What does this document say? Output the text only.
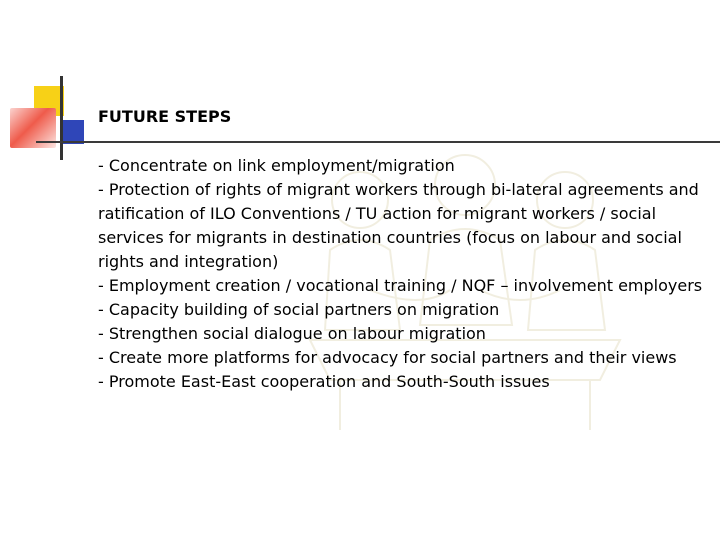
FUTURE STEPS
- Concentrate on link employment/migration
- Protection of rights of migrant workers through bi-lateral agreements and ratification of ILO Conventions / TU action for migrant workers / social services for migrants in destination countries (focus on labour and social rights and integration)
- Employment creation / vocational training / NQF – involvement employers
- Capacity building of social partners on migration
- Strengthen social dialogue on labour migration
- Create more platforms for advocacy for social partners and their views
- Promote East-East cooperation and South-South issues
